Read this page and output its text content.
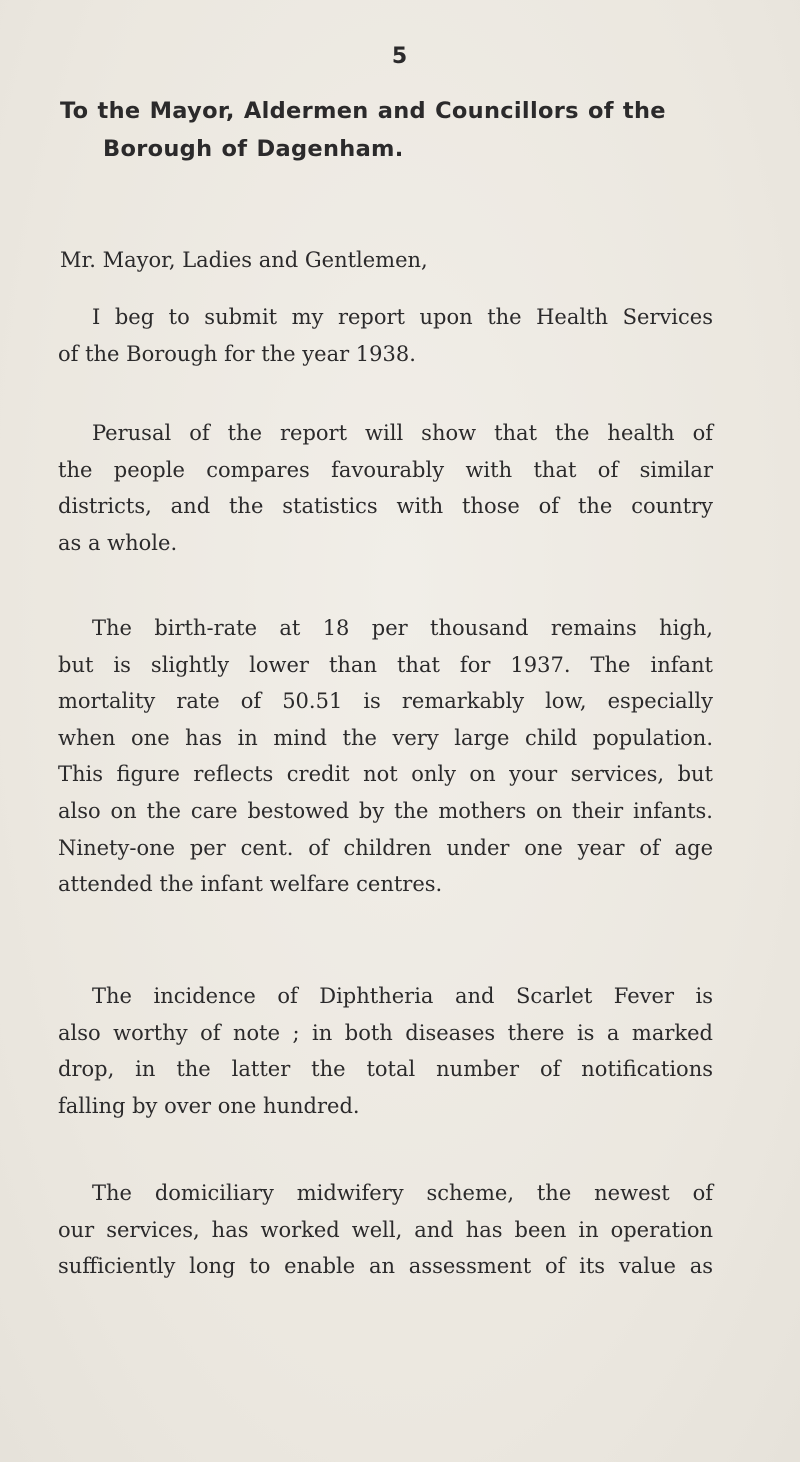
5
To the Mayor, Aldermen and Councillors of the
Borough of Dagenham.
Mr. Mayor, Ladies and Gentlemen,
I beg to submit my report upon the Health Services
of the Borough for the year 1938.
Perusal of the report will show that the health of
the people compares favourably with that of similar
districts, and the statistics with those of the country
as a whole.
The birth-rate at 18 per thousand remains high,
but is slightly lower than that for 1937. The infant
mortality rate of 50.51 is remarkably low, especially
when one has in mind the very large child population.
This figure reflects credit not only on your services, but
also on the care bestowed by the mothers on their infants.
Ninety-one per cent. of children under one year of age
attended the infant welfare centres.
The incidence of Diphtheria and Scarlet Fever is
also worthy of note ; in both diseases there is a marked
drop, in the latter the total number of notifications
falling by over one hundred.
The domiciliary midwifery scheme, the newest of
our services, has worked well, and has been in operation
sufficiently long to enable an assessment of its value as
